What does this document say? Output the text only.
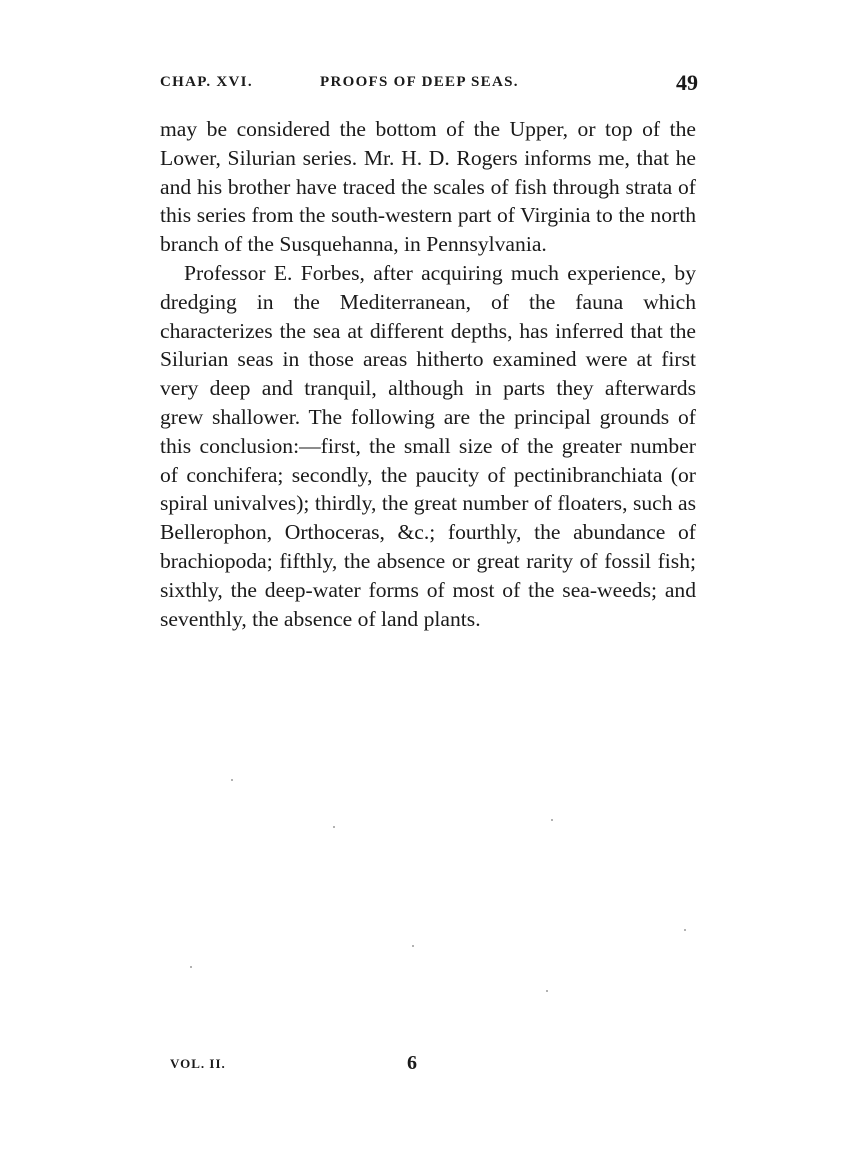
CHAP. XVI.	PROOFS OF DEEP SEAS.	49

may be considered the bottom of the Upper, or top of the Lower, Silurian series. Mr. H. D. Rogers informs me, that he and his brother have traced the scales of fish through strata of this series from the south-western part of Virginia to the north branch of the Susquehanna, in Pennsylvania.

Professor E. Forbes, after acquiring much experience, by dredging in the Mediterranean, of the fauna which characterizes the sea at different depths, has inferred that the Silurian seas in those areas hitherto examined were at first very deep and tranquil, although in parts they afterwards grew shallower. The following are the principal grounds of this conclusion:—first, the small size of the greater number of conchifera; secondly, the paucity of pectinibranchiata (or spiral univalves); thirdly, the great number of floaters, such as Bellerophon, Orthoceras, &c.; fourthly, the abundance of brachiopoda; fifthly, the absence or great rarity of fossil fish; sixthly, the deep-water forms of most of the sea-weeds; and seventhly, the absence of land plants.

VOL. II.	6
